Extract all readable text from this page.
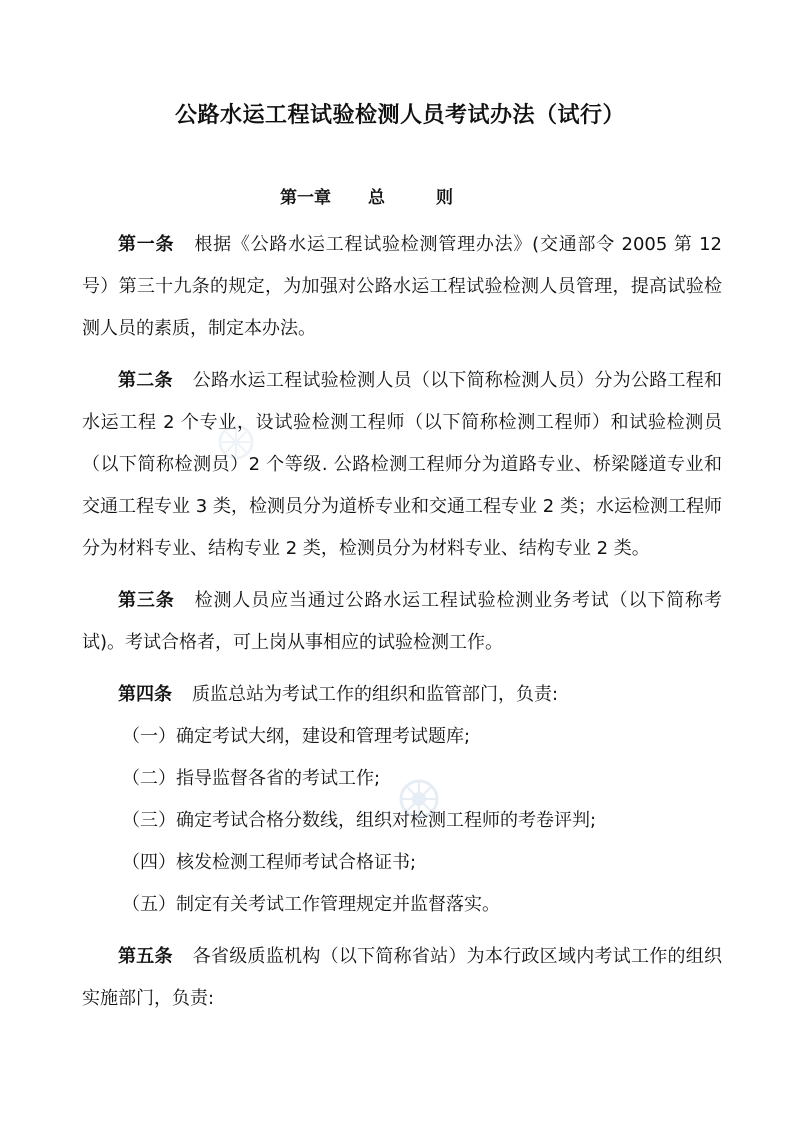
公路水运工程试验检测人员考试办法（试行）
第一章 总	则

第一条 根据《公路水运工程试验检测管理办法》(交通部令 2005 第 12 号）第三十九条的规定，为加强对公路水运工程试验检测人员管理，提高试验检测人员的素质，制定本办法。

第二条 公路水运工程试验检测人员（以下简称检测人员）分为公路工程和水运工程 2 个专业，设试验检测工程师（以下简称检测工程师）和试验检测员（以下简称检测员）2 个等级. 公路检测工程师分为道路专业、桥梁隧道专业和交通工程专业 3 类，检测员分为道桥专业和交通工程专业 2 类；水运检测工程师分为材料专业、结构专业 2 类，检测员分为材料专业、结构专业 2 类。

第三条 检测人员应当通过公路水运工程试验检测业务考试（以下简称考试)。考试合格者，可上岗从事相应的试验检测工作。

第四条 质监总站为考试工作的组织和监管部门，负责:

（一）确定考试大纲，建设和管理考试题库;

（二）指导监督各省的考试工作;

（三）确定考试合格分数线，组织对检测工程师的考卷评判;

（四）核发检测工程师考试合格证书;

（五）制定有关考试工作管理规定并监督落实。

第五条 各省级质监机构（以下简称省站）为本行政区域内考试工作的组织实施部门，负责:
